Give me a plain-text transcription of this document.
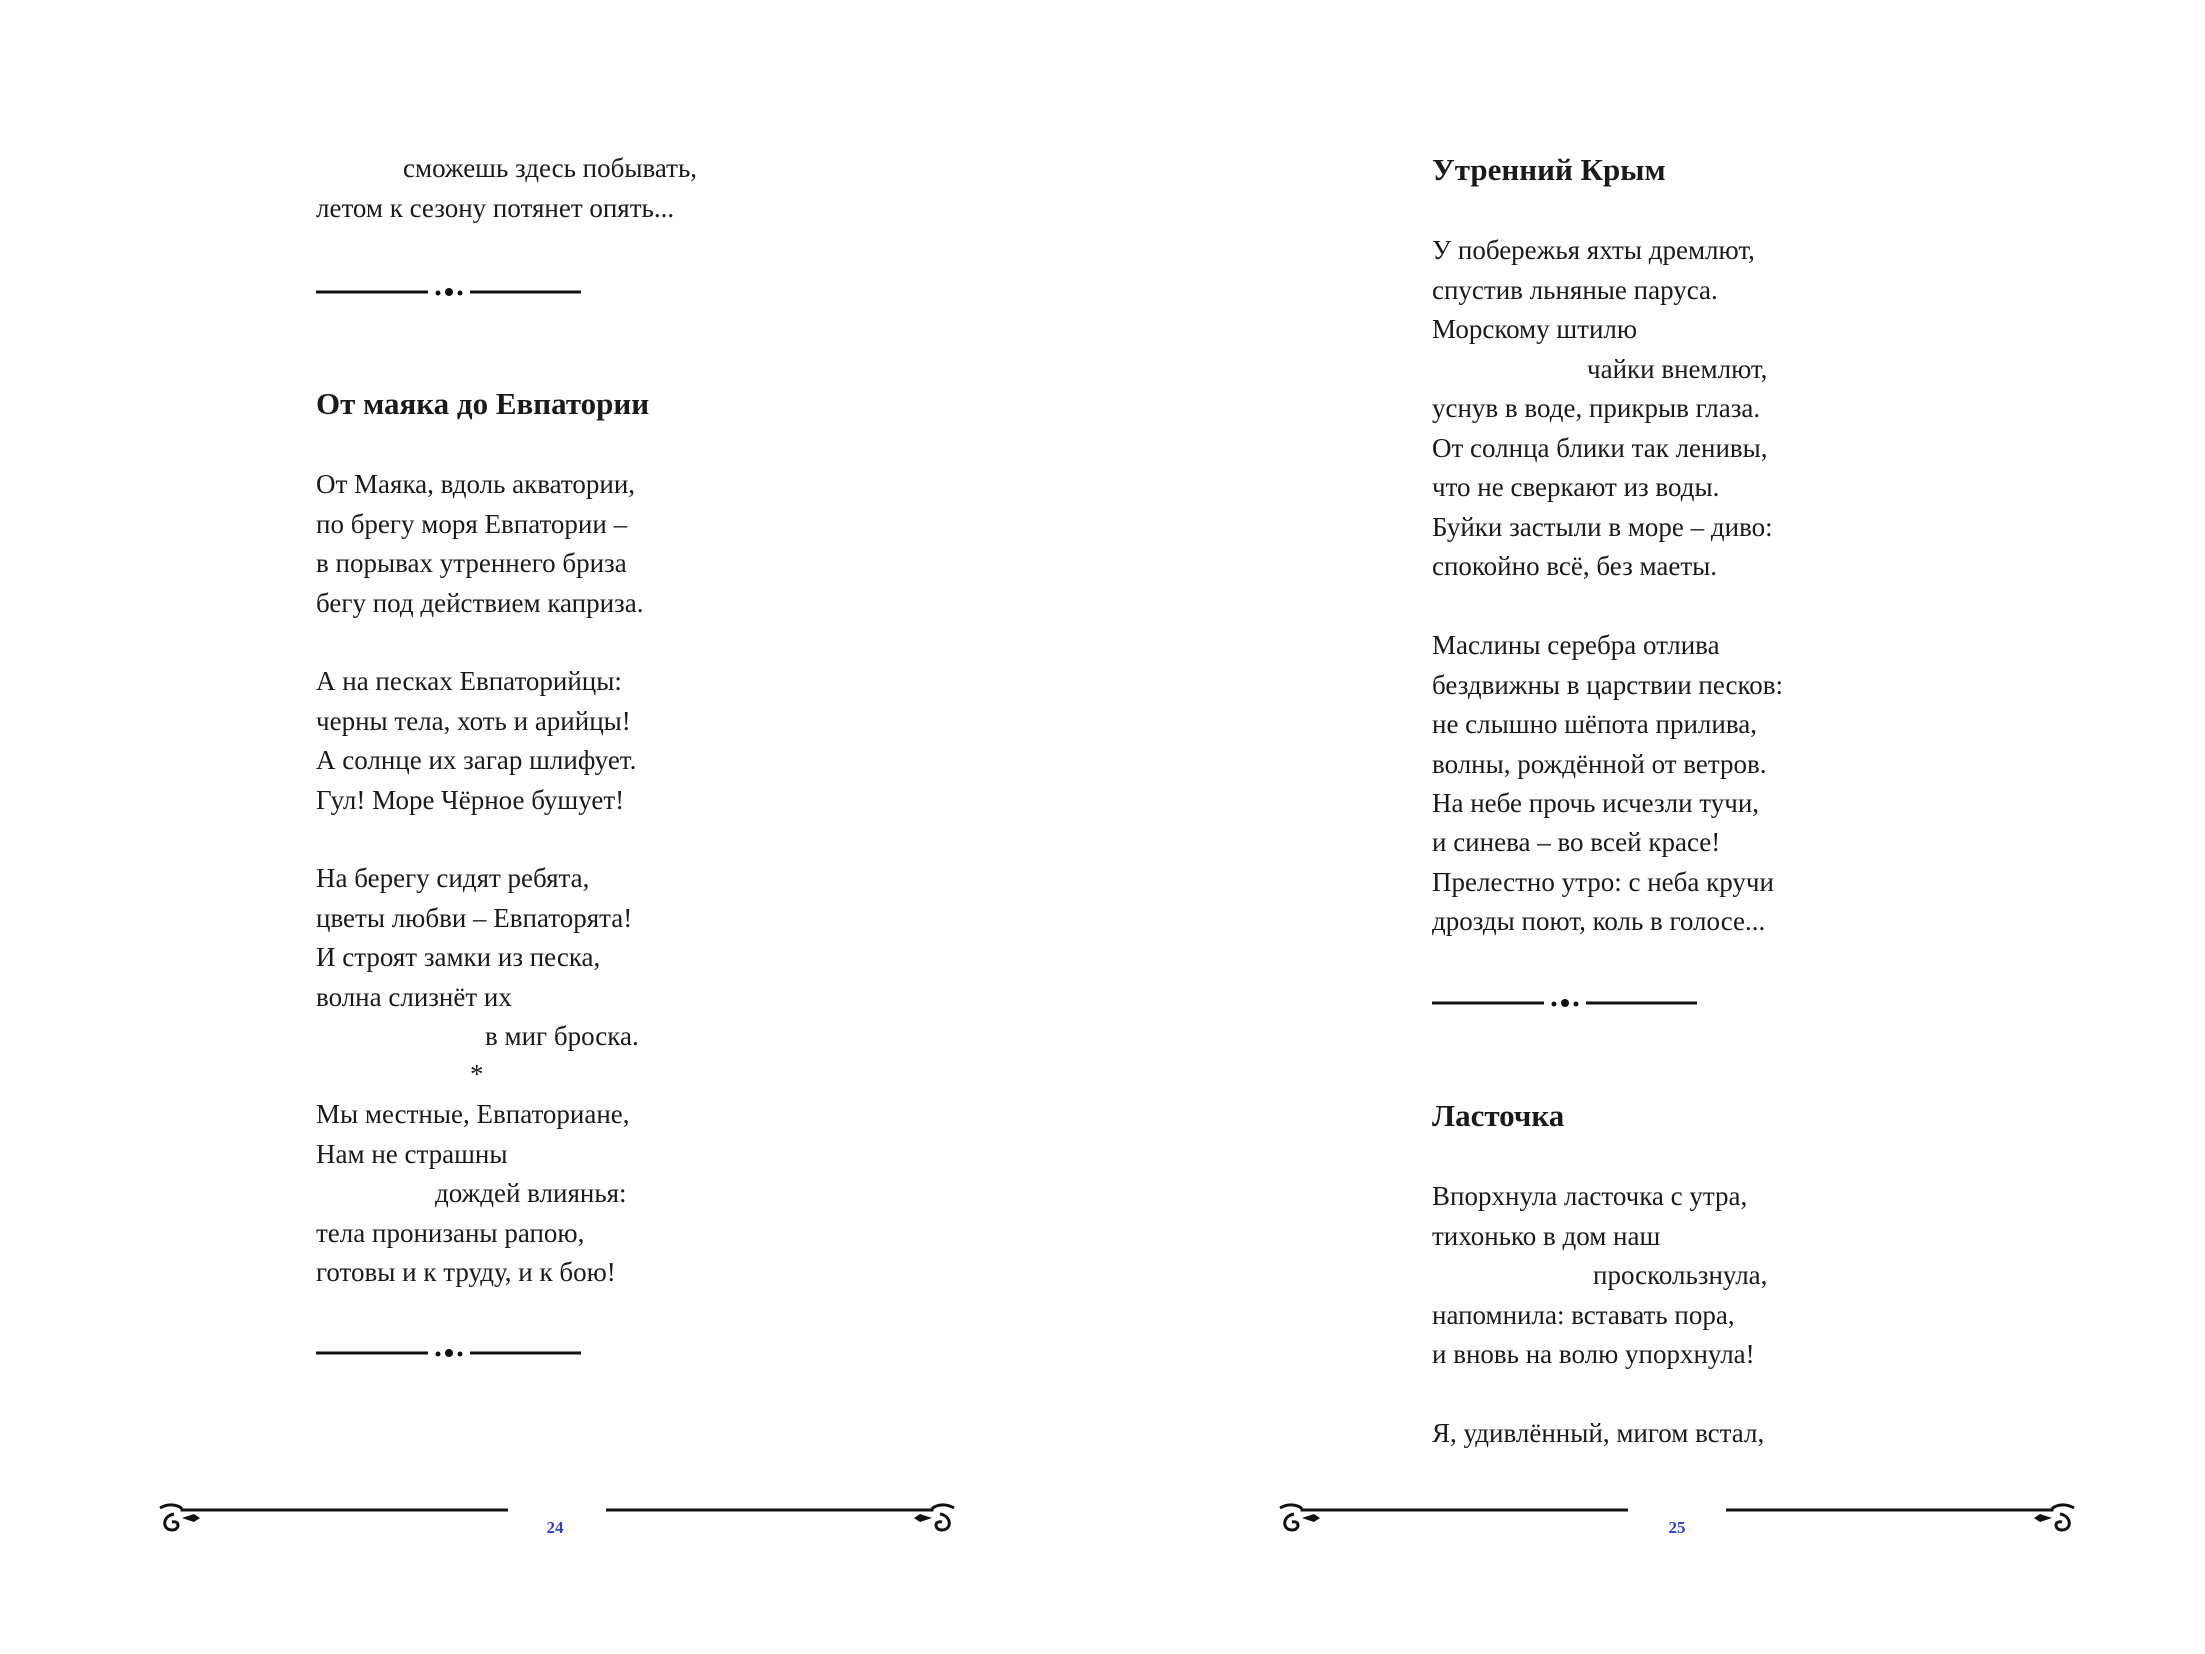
сможешь здесь побывать,
летом к сезону потянет опять...
От маяка до Евпатории
От Маяка, вдоль акватории,
по брегу моря Евпатории –
в порывах утреннего бриза
бегу под действием каприза.
А на песках Евпаторийцы:
черны тела, хоть и арийцы!
А солнце их загар шлифует.
Гул! Море Чёрное бушует!
На берегу сидят ребята,
цветы любви – Евпаторята!
И строят замки из песка,
волна слизнёт их
в миг броска.
*
Мы местные, Евпаториане,
Нам не страшны
дождей влиянья:
тела пронизаны рапою,
готовы и к труду, и к бою!
24
Утренний Крым
У побережья яхты дремлют,
спустив льняные паруса.
Морскому штилю
чайки внемлют,
уснув в воде, прикрыв глаза.
От солнца блики так ленивы,
что не сверкают из воды.
Буйки застыли в море – диво:
спокойно всё, без маеты.
Маслины серебра отлива
бездвижны в царствии песков:
не слышно шёпота прилива,
волны, рождённой от ветров.
На небе прочь исчезли тучи,
и синева – во всей красе!
Прелестно утро: с неба кручи
дрозды поют, коль в голосе...
Ласточка
Впорхнула ласточка с утра,
тихонько в дом наш
проскользнула,
напомнила: вставать пора,
и вновь на волю упорхнула!
Я, удивлённый, мигом встал,
25
